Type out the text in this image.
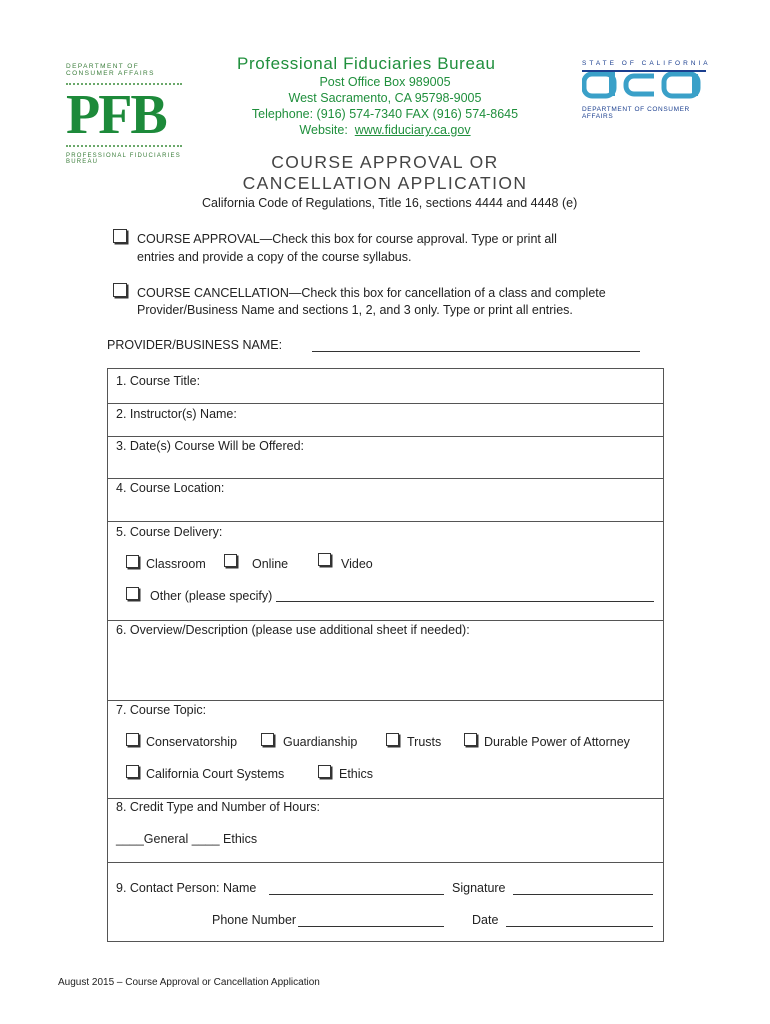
DEPARTMENT OF CONSUMER AFFAIRS
PFB
PROFESSIONAL FIDUCIARIES BUREAU
Professional Fiduciaries Bureau
Post Office Box 989005
West Sacramento, CA 95798-9005
Telephone: (916) 574-7340 FAX (916) 574-8645
Website:  www.fiduciary.ca.gov
STATE OF CALIFORNIA
DEPARTMENT OF CONSUMER AFFAIRS
COURSE APPROVAL OR
CANCELLATION APPLICATION
California Code of Regulations, Title 16, sections 4444 and 4448 (e)
COURSE APPROVAL—Check this box for course approval. Type or print all
entries and provide a copy of the course syllabus.
COURSE CANCELLATION—Check this box for cancellation of a class and complete
Provider/Business Name and sections 1, 2, and 3 only. Type or print all entries.
PROVIDER/BUSINESS NAME:
1. Course Title:
2. Instructor(s) Name:
3. Date(s) Course Will be Offered:
4. Course Location:
5. Course Delivery:
Classroom	Online	Video
Other (please specify)
6. Overview/Description (please use additional sheet if needed):
7. Course Topic:
Conservatorship	Guardianship	Trusts	Durable Power of Attorney
California Court Systems	Ethics
8. Credit Type and Number of Hours:
____General ____ Ethics
9. Contact Person: Name	Signature
Phone Number	Date
August 2015 – Course Approval or Cancellation Application
